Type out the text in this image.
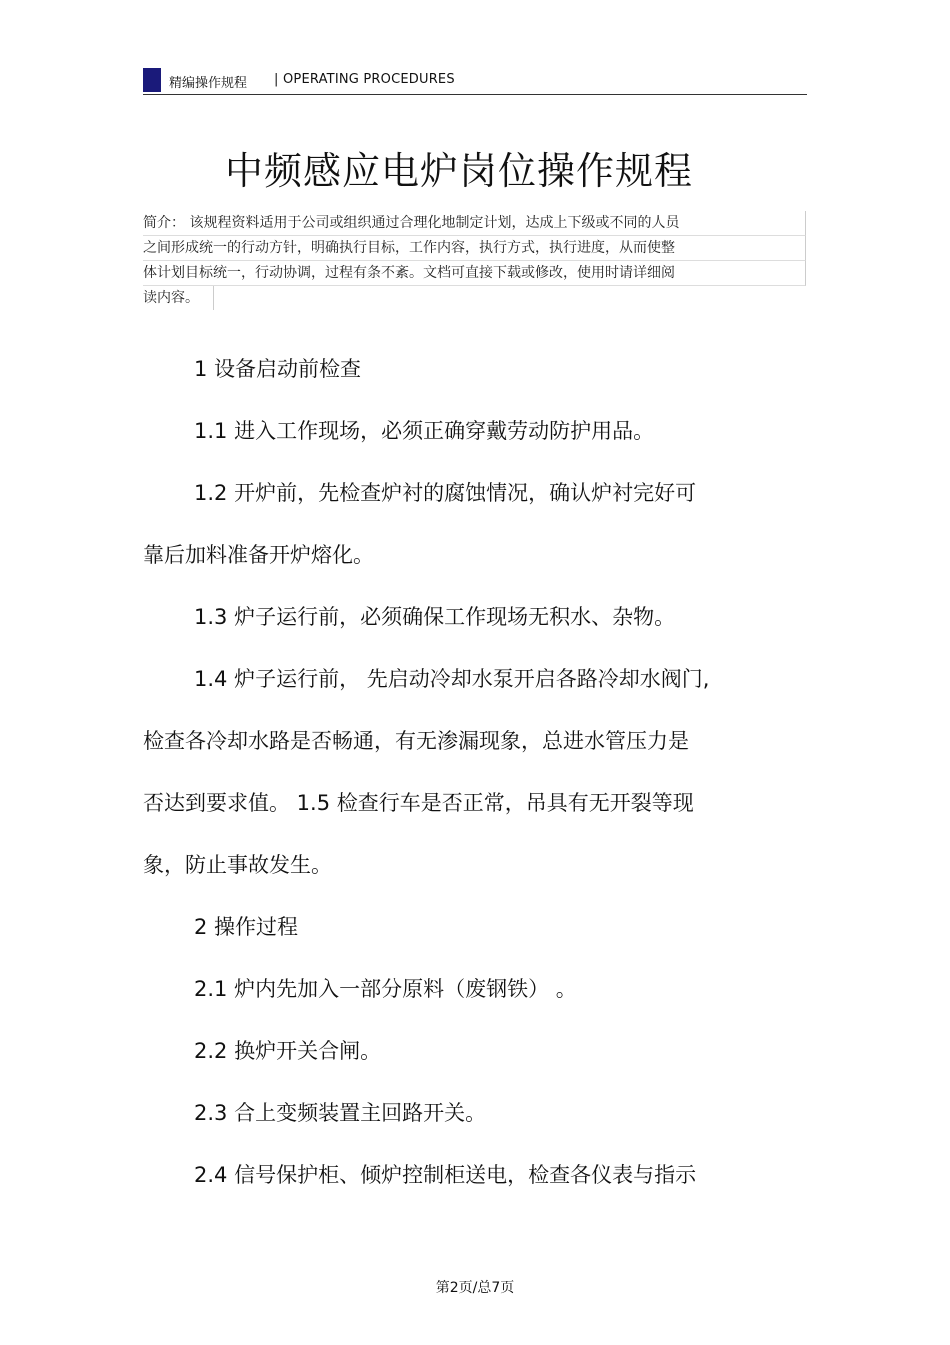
精编操作规程 | OPERATING PROCEDURES
中频感应电炉岗位操作规程
简介： 该规程资料适用于公司或组织通过合理化地制定计划，达成上下级或不同的人员
之间形成统一的行动方针，明确执行目标，工作内容，执行方式，执行进度，从而使整
体计划目标统一，行动协调，过程有条不紊。文档可直接下载或修改，使用时请详细阅
读内容。
1 设备启动前检查
1.1 进入工作现场，必须正确穿戴劳动防护用品。
1.2 开炉前，先检查炉衬的腐蚀情况，确认炉衬完好可
靠后加料准备开炉熔化。
1.3 炉子运行前，必须确保工作现场无积水、杂物。
1.4 炉子运行前， 先启动冷却水泵开启各路冷却水阀门,
检查各冷却水路是否畅通，有无渗漏现象，总进水管压力是
否达到要求值。 1.5 检查行车是否正常，吊具有无开裂等现
象，防止事故发生。
2 操作过程
2.1 炉内先加入一部分原料（废钢铁） 。
2.2 换炉开关合闸。
2.3 合上变频装置主回路开关。
2.4 信号保护柜、倾炉控制柜送电，检查各仪表与指示
第2页/总7页
